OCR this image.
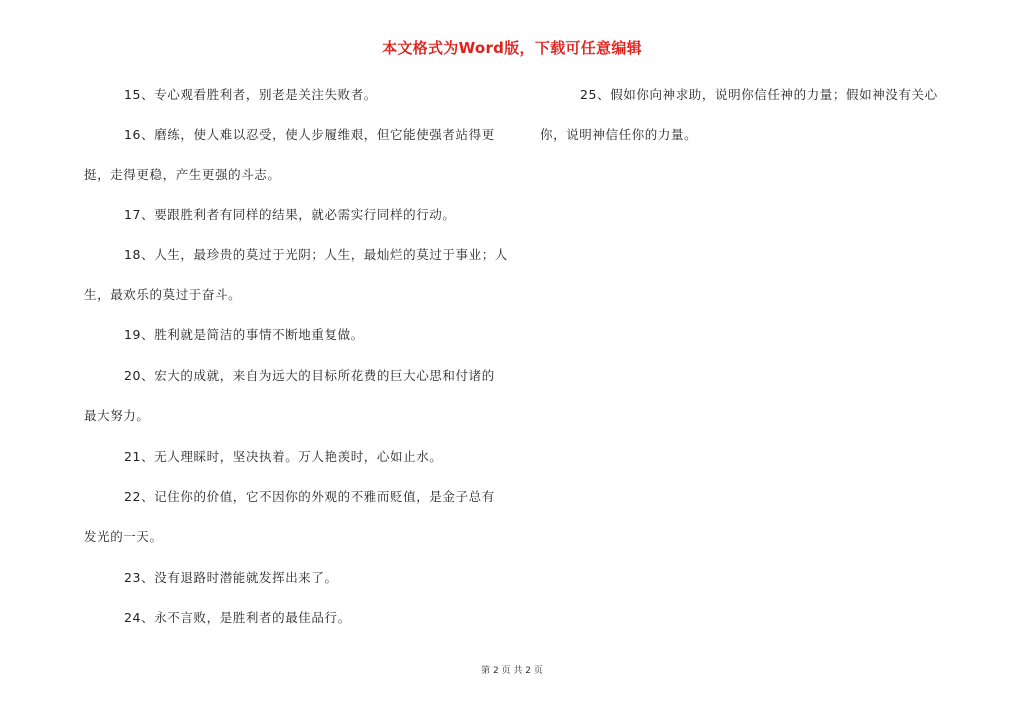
本文格式为Word版，下载可任意编辑
15、专心观看胜利者，别老是关注失败者。
16、磨练，使人难以忍受，使人步履维艰，但它能使强者站得更
挺，走得更稳，产生更强的斗志。
17、要跟胜利者有同样的结果，就必需实行同样的行动。
18、人生，最珍贵的莫过于光阴；人生，最灿烂的莫过于事业；人
生，最欢乐的莫过于奋斗。
19、胜利就是简洁的事情不断地重复做。
20、宏大的成就，来自为远大的目标所花费的巨大心思和付诸的
最大努力。
21、无人理睬时，坚决执着。万人艳羡时，心如止水。
22、记住你的价值，它不因你的外观的不雅而贬值，是金子总有
发光的一天。
23、没有退路时潜能就发挥出来了。
24、永不言败，是胜利者的最佳品行。
25、假如你向神求助，说明你信任神的力量；假如神没有关心
你，说明神信任你的力量。
第 2 页 共 2 页
